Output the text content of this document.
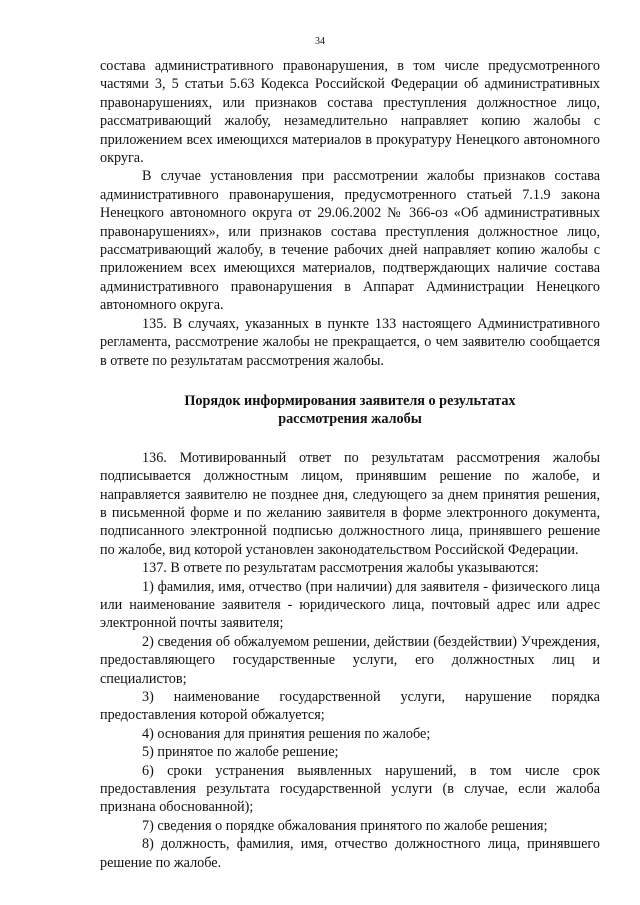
34

состава административного правонарушения, в том числе предусмотренного частями 3, 5 статьи 5.63 Кодекса Российской Федерации об административных правонарушениях, или признаков состава преступления должностное лицо, рассматривающий жалобу, незамедлительно направляет копию жалобы с приложением всех имеющихся материалов в прокуратуру Ненецкого автономного округа.

В случае установления при рассмотрении жалобы признаков состава административного правонарушения, предусмотренного статьей 7.1.9 закона Ненецкого автономного округа от 29.06.2002 № 366-оз «Об административных правонарушениях», или признаков состава преступления должностное лицо, рассматривающий жалобу, в течение рабочих дней направляет копию жалобы с приложением всех имеющихся материалов, подтверждающих наличие состава административного правонарушения в Аппарат Администрации Ненецкого автономного округа.

135. В случаях, указанных в пункте 133 настоящего Административного регламента, рассмотрение жалобы не прекращается, о чем заявителю сообщается в ответе по результатам рассмотрения жалобы.

Порядок информирования заявителя о результатах

рассмотрения жалобы

136. Мотивированный ответ по результатам рассмотрения жалобы подписывается должностным лицом, принявшим решение по жалобе, и направляется заявителю не позднее дня, следующего за днем принятия решения, в письменной форме и по желанию заявителя в форме электронного документа, подписанного электронной подписью должностного лица, принявшего решение по жалобе, вид которой установлен законодательством Российской Федерации.

137. В ответе по результатам рассмотрения жалобы указываются:

1) фамилия, имя, отчество (при наличии) для заявителя - физического лица или наименование заявителя - юридического лица, почтовый адрес или адрес электронной почты заявителя;

2) сведения об обжалуемом решении, действии (бездействии) Учреждения, предоставляющего государственные услуги, его должностных лиц и специалистов;

3) наименование государственной услуги, нарушение порядка предоставления которой обжалуется;

4) основания для принятия решения по жалобе;

5) принятое по жалобе решение;

6) сроки устранения выявленных нарушений, в том числе срок предоставления результата государственной услуги (в случае, если жалоба признана обоснованной);

7) сведения о порядке обжалования принятого по жалобе решения;

8) должность, фамилия, имя, отчество должностного лица, принявшего решение по жалобе.
